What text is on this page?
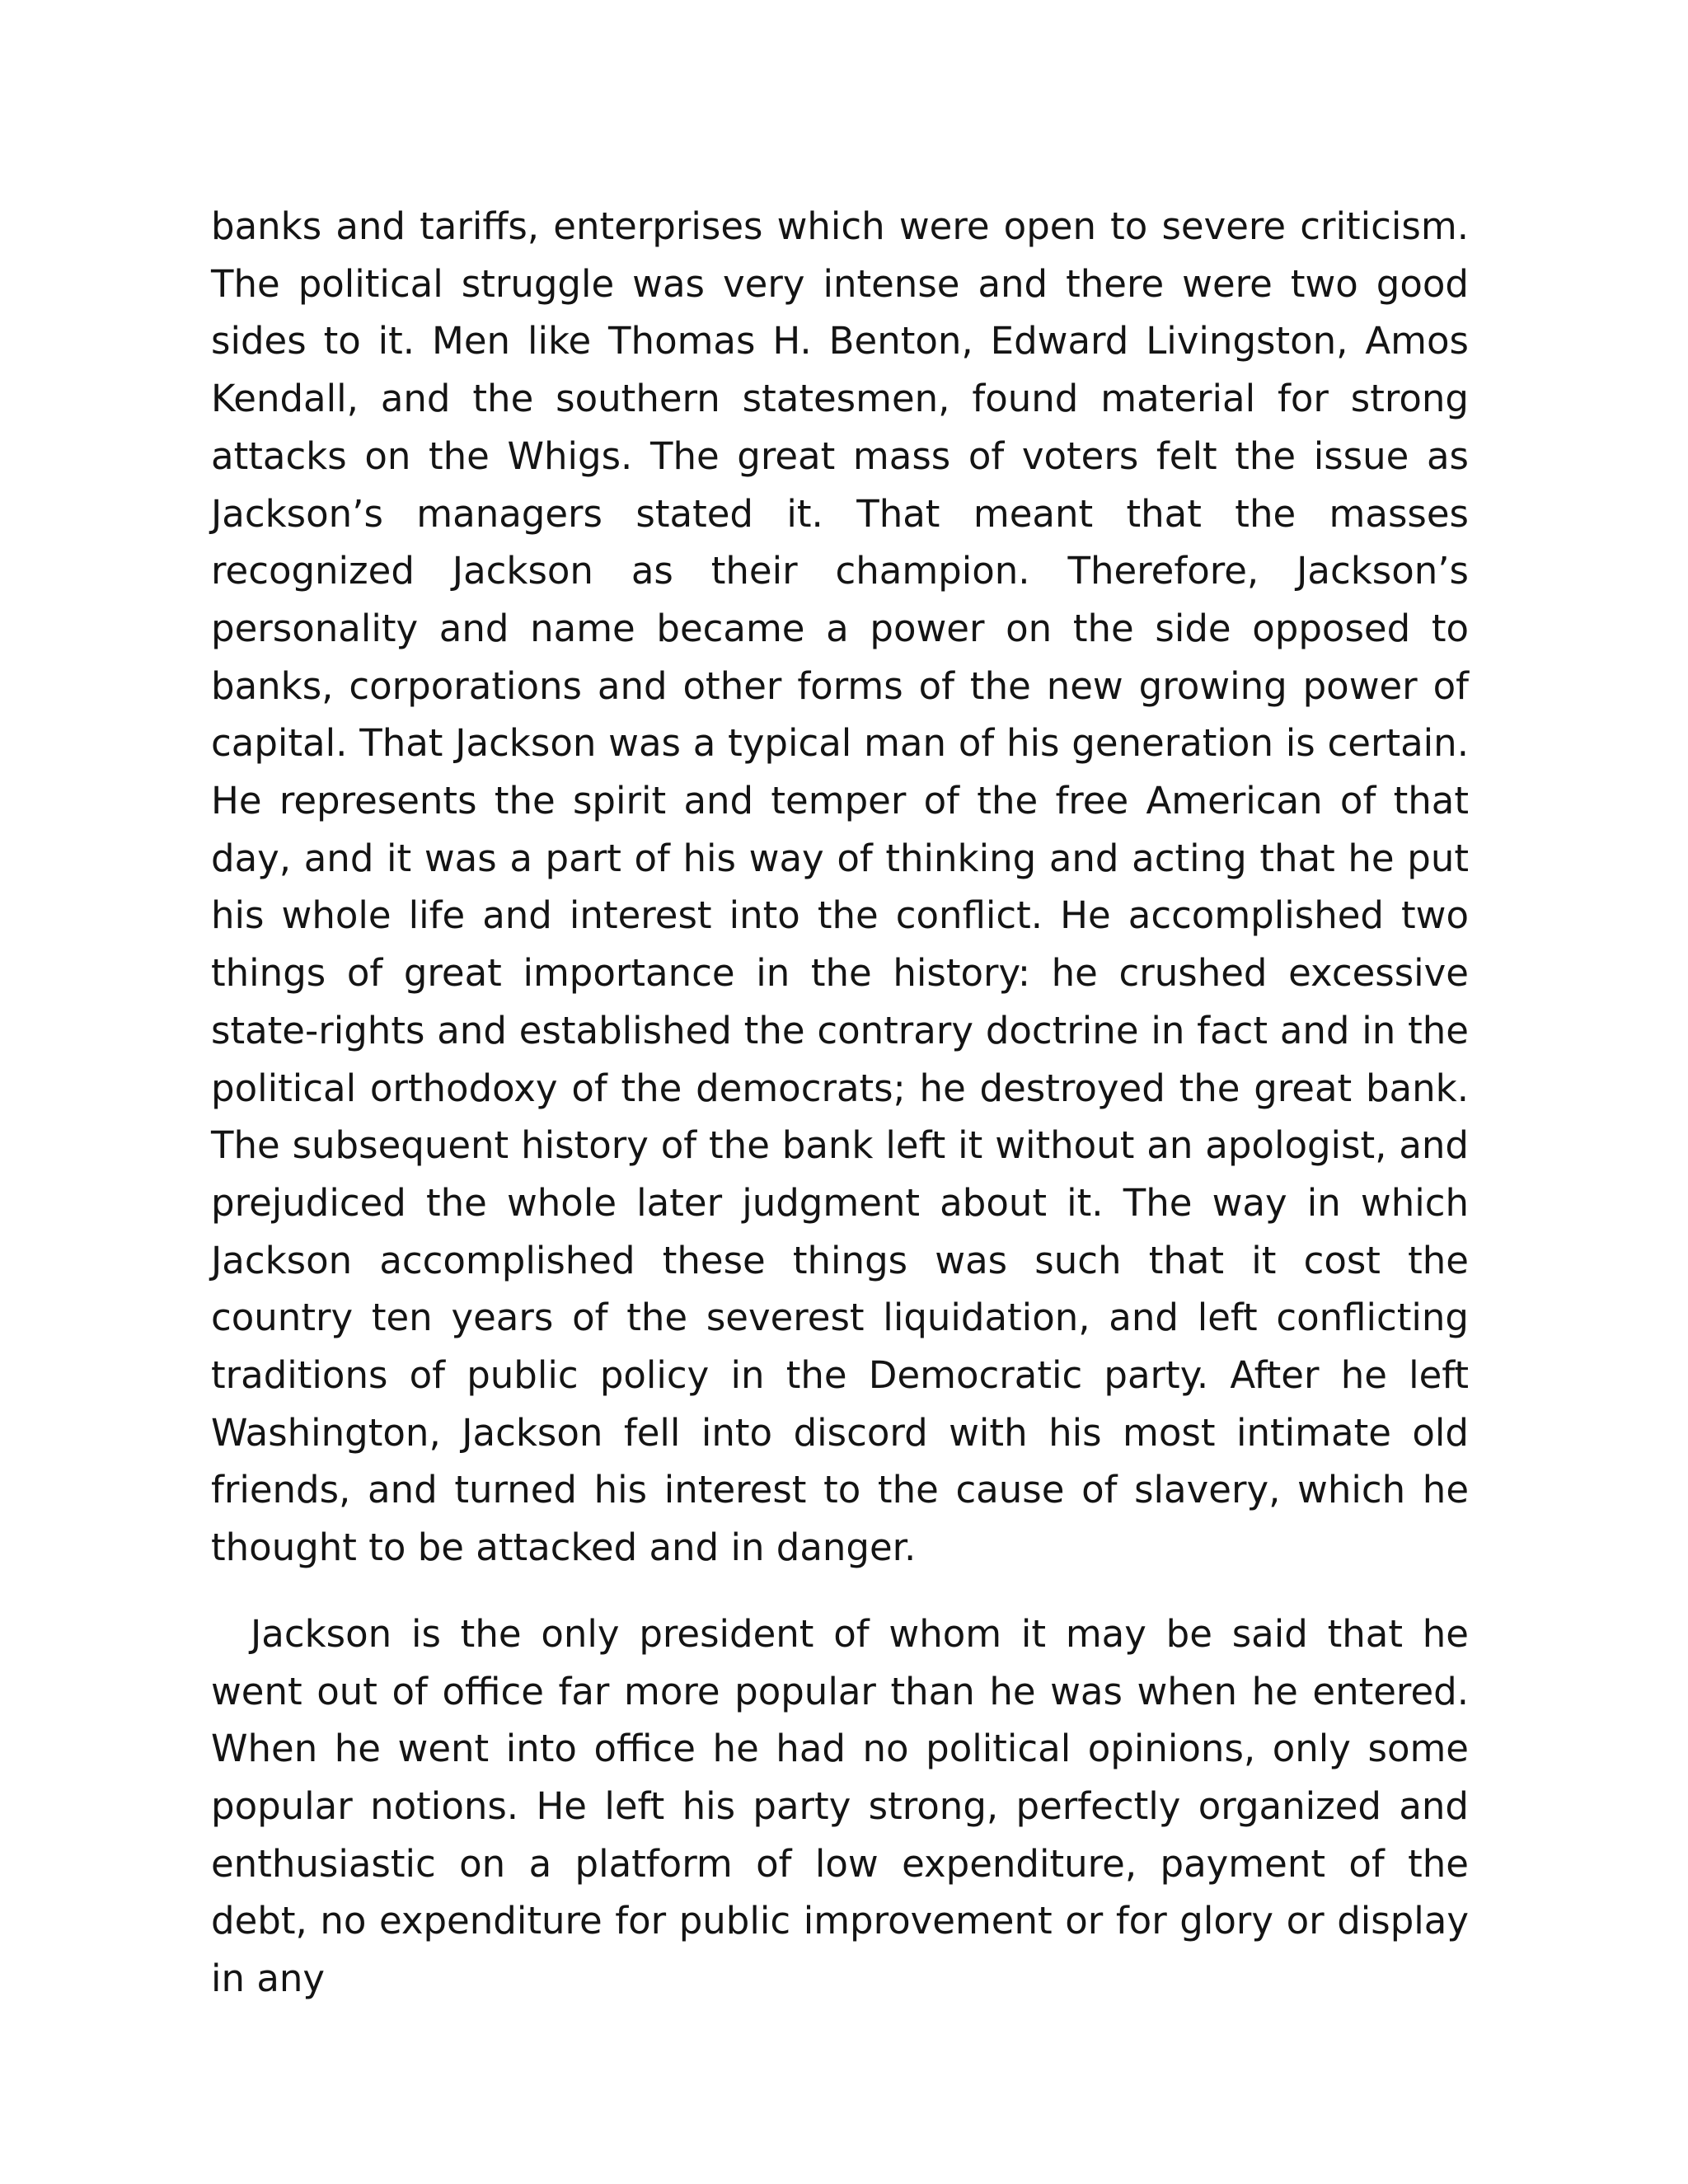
banks and tariffs, enterprises which were open to severe criticism. The political struggle was very intense and there were two good sides to it. Men like Thomas H. Benton, Edward Livingston, Amos Kendall, and the southern statesmen, found material for strong attacks on the Whigs. The great mass of voters felt the issue as Jackson’s managers stated it. That meant that the masses recognized Jackson as their champion. Therefore, Jackson’s personality and name became a power on the side opposed to banks, corporations and other forms of the new growing power of capital. That Jackson was a typical man of his generation is certain. He represents the spirit and temper of the free American of that day, and it was a part of his way of thinking and acting that he put his whole life and interest into the conflict. He accomplished two things of great importance in the history: he crushed excessive state-rights and established the contrary doctrine in fact and in the political orthodoxy of the democrats; he destroyed the great bank. The subsequent history of the bank left it without an apologist, and prejudiced the whole later judgment about it. The way in which Jackson accomplished these things was such that it cost the country ten years of the severest liquidation, and left conflicting traditions of public policy in the Democratic party. After he left Washington, Jackson fell into discord with his most intimate old friends, and turned his interest to the cause of slavery, which he thought to be attacked and in danger.

Jackson is the only president of whom it may be said that he went out of office far more popular than he was when he entered. When he went into office he had no political opinions, only some popular notions. He left his party strong, perfectly organized and enthusiastic on a platform of low expenditure, payment of the debt, no expenditure for public improvement or for glory or display in any
